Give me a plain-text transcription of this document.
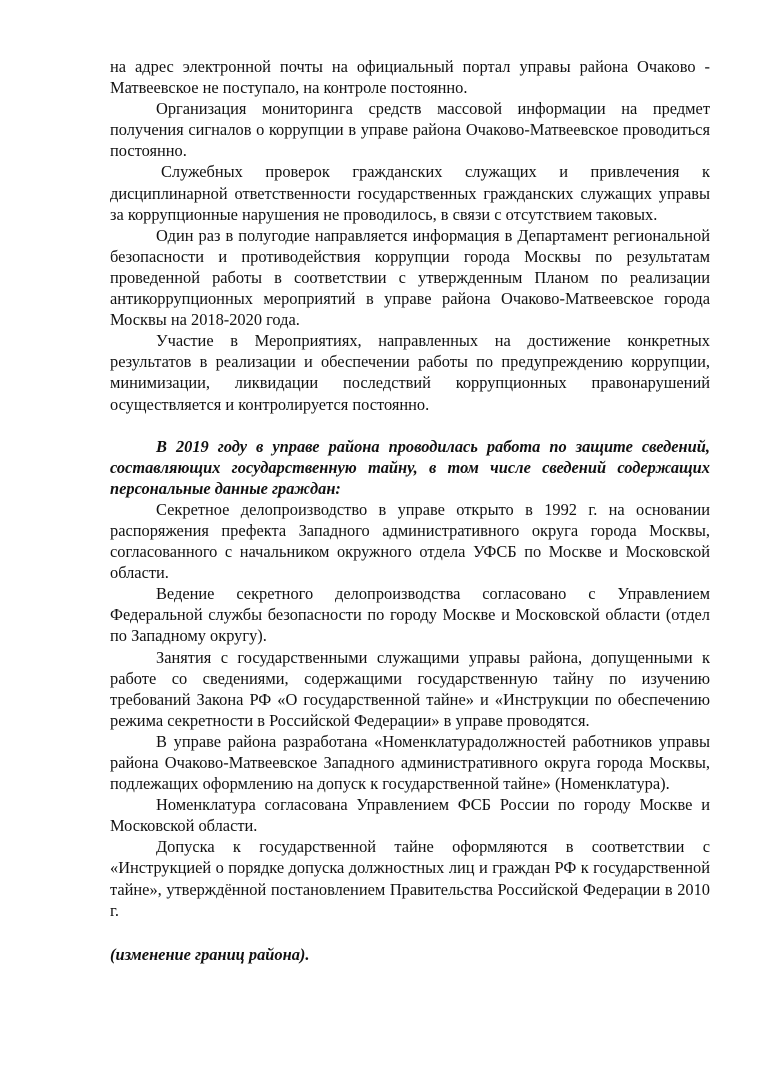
на адрес электронной почты на официальный портал управы района Очаково - Матвеевское не поступало, на контроле постоянно.

Организация мониторинга средств массовой информации на предмет получения сигналов о коррупции в управе района Очаково-Матвеевское проводиться постоянно.

Служебных проверок гражданских служащих и привлечения к дисциплинарной ответственности государственных гражданских служащих управы за коррупционные нарушения не проводилось, в связи с отсутствием таковых.

Один раз в полугодие направляется информация в Департамент региональной безопасности и противодействия коррупции города Москвы по результатам проведенной работы в соответствии с утвержденным Планом по реализации антикоррупционных мероприятий в управе района Очаково-Матвеевское города Москвы на 2018-2020 года.

Участие в Мероприятиях, направленных на достижение конкретных результатов в реализации и обеспечении работы по предупреждению коррупции, минимизации, ликвидации последствий коррупционных правонарушений осуществляется и контролируется постоянно.

В 2019 году в управе района проводилась работа по защите сведений, составляющих государственную тайну, в том числе сведений содержащих персональные данные граждан:

Секретное делопроизводство в управе открыто в 1992 г. на основании распоряжения префекта Западного административного округа города Москвы, согласованного с начальником окружного отдела УФСБ по Москве и Московской области.

Ведение секретного делопроизводства согласовано с Управлением Федеральной службы безопасности по городу Москве и Московской области (отдел по Западному округу).

Занятия с государственными служащими управы района, допущенными к работе со сведениями, содержащими государственную тайну по изучению требований Закона РФ «О государственной тайне» и «Инструкции по обеспечению режима секретности в Российской Федерации» в управе проводятся.

В управе района разработана «Номенклатурадолжностей работников управы района Очаково-Матвеевское Западного административного округа города Москвы, подлежащих оформлению на допуск к государственной тайне» (Номенклатура).

Номенклатура согласована Управлением ФСБ России по городу Москве и Московской области.

Допуска к государственной тайне оформляются в соответствии с «Инструкцией о порядке допуска должностных лиц и граждан РФ к государственной тайне», утверждённой постановлением Правительства Российской Федерации в 2010 г.

(изменение границ района).
